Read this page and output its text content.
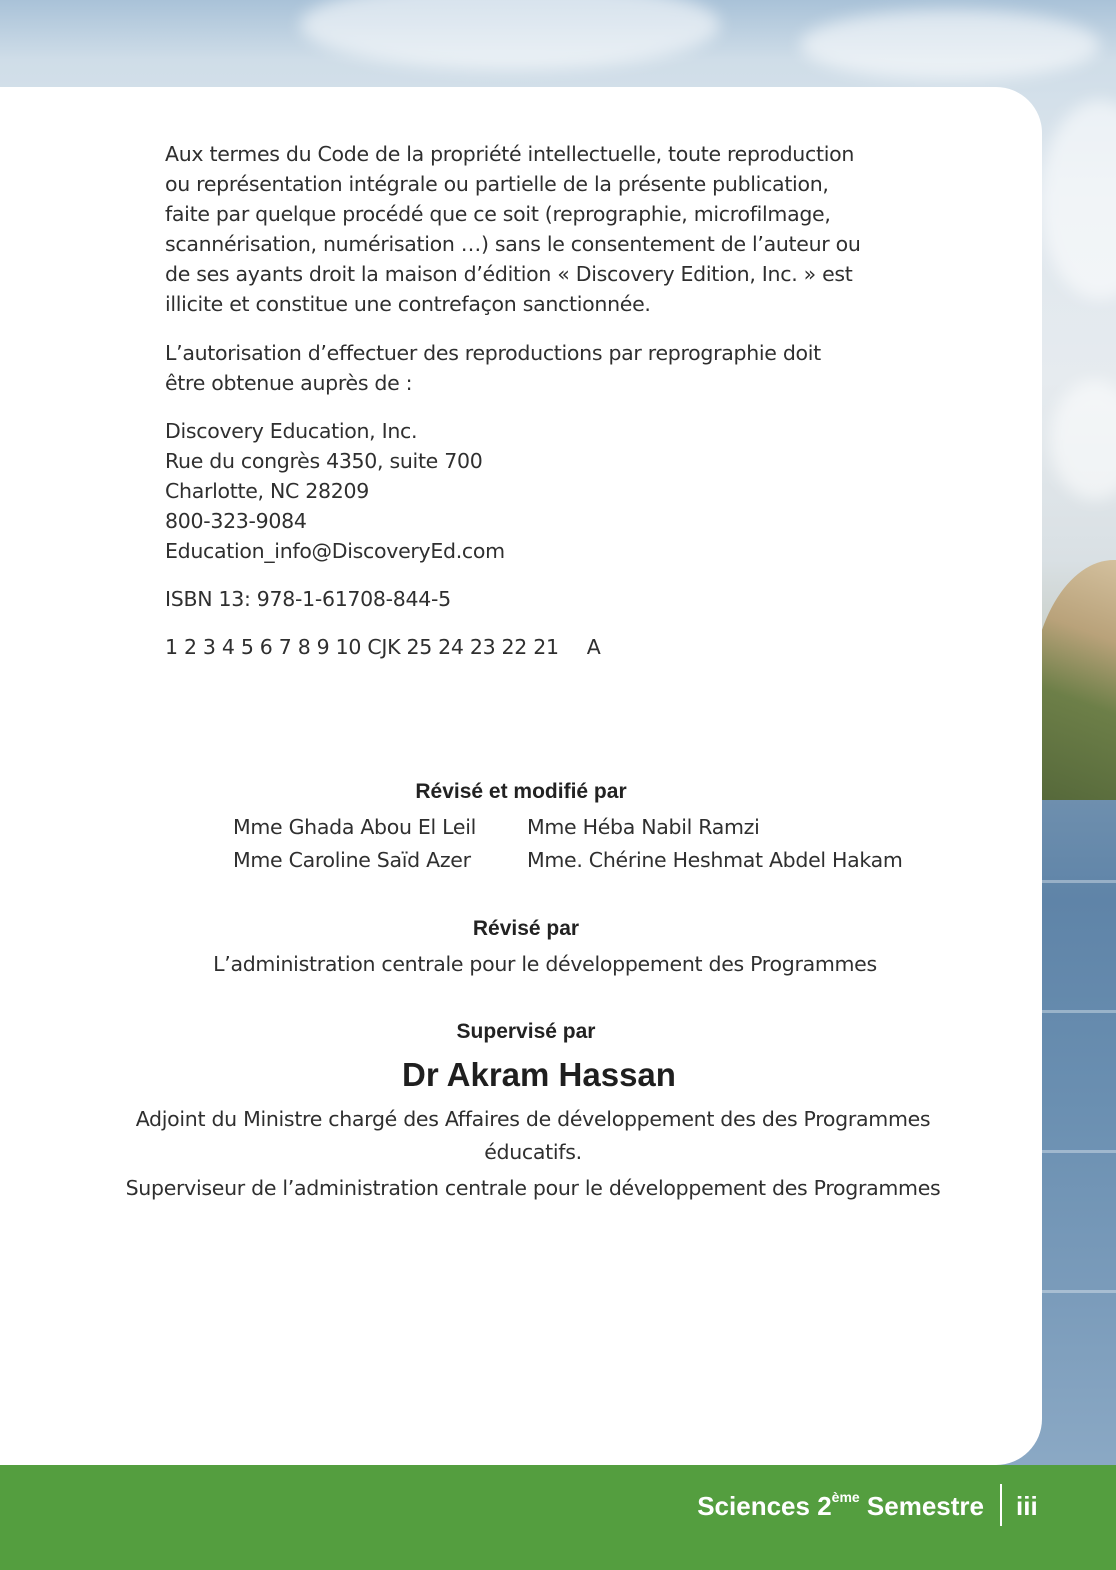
Aux termes du Code de la propriété intellectuelle, toute reproduction

ou représentation intégrale ou partielle de la présente publication,

faite par quelque procédé que ce soit (reprographie, microfilmage,

scannérisation, numérisation …) sans le consentement de l’auteur ou

de ses ayants droit la maison d’édition « Discovery Edition, Inc. » est

illicite et constitue une contrefaçon sanctionnée.

L’autorisation d’effectuer des reproductions par reprographie doit

être obtenue auprès de :

Discovery Education, Inc.

Rue du congrès 4350, suite 700

Charlotte, NC 28209

800-323-9084

Education_info@DiscoveryEd.com

ISBN 13: 978-1-61708-844-5

1 2 3 4 5 6 7 8 9 10 CJK 25 24 23 22 21 A
Révisé et modifié par
Mme Ghada Abou El Leil
Mme Caroline Saïd Azer
Mme Héba Nabil Ramzi
Mme. Chérine Heshmat Abdel Hakam
Révisé par
L’administration centrale pour le développement des Programmes
Supervisé par
Dr Akram Hassan
Adjoint du Ministre chargé des Affaires de développement des des Programmes
éducatifs.
Superviseur de l’administration centrale pour le développement des Programmes
Sciences 2ème Semestre iii
